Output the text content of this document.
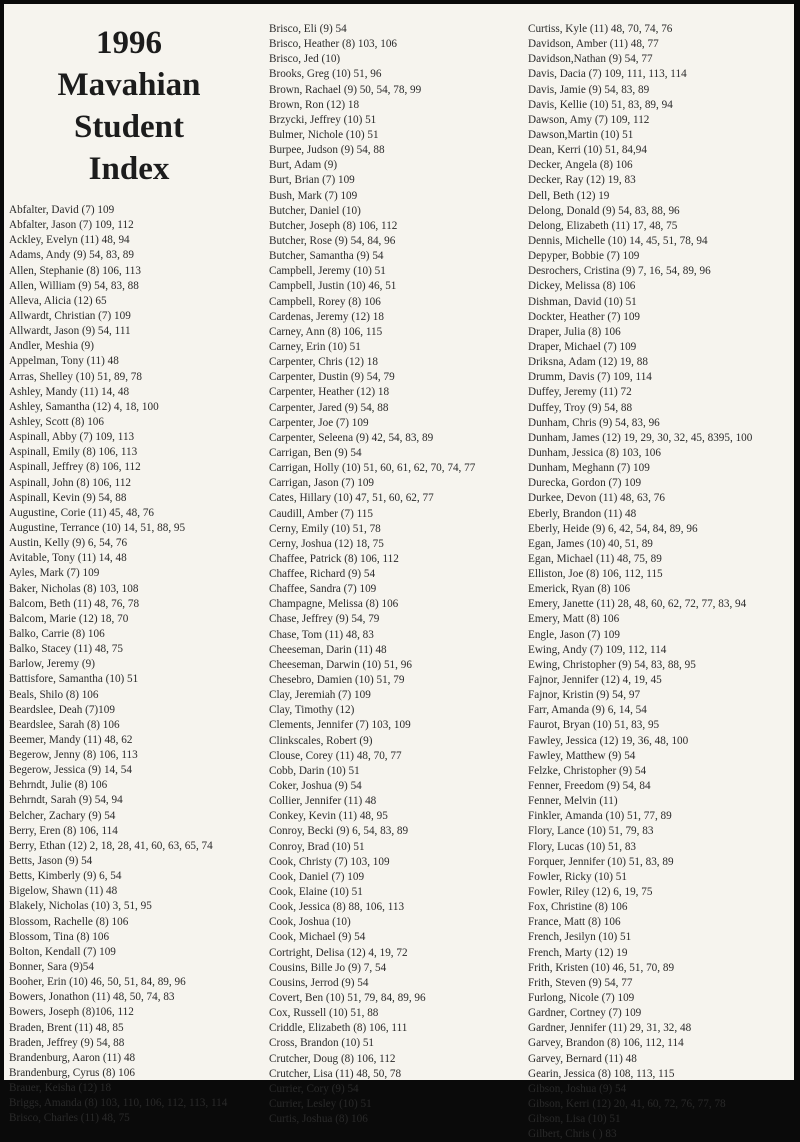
1996
Mavahian
Student
Index
Abfalter, David (7) 109
Abfalter, Jason (7) 109, 112
Ackley, Evelyn (11) 48, 94
Adams, Andy (9) 54, 83, 89
Allen, Stephanie (8) 106, 113
Allen, William (9) 54, 83, 88
Alleva, Alicia (12) 65
Allwardt, Christian (7) 109
Allwardt, Jason (9) 54, 111
Andler, Meshia (9)
Appelman, Tony (11) 48
Arras, Shelley (10) 51, 89, 78
Ashley, Mandy (11) 14, 48
Ashley, Samantha (12) 4, 18, 100
Ashley, Scott (8) 106
Aspinall, Abby (7) 109, 113
Aspinall, Emily (8) 106, 113
Aspinall, Jeffrey (8) 106, 112
Aspinall, John (8) 106, 112
Aspinall, Kevin (9) 54, 88
Augustine, Corie (11) 45, 48, 76
Augustine, Terrance (10) 14, 51, 88, 95
Austin, Kelly (9) 6, 54, 76
Avitable, Tony (11) 14, 48
Ayles, Mark (7) 109
Baker, Nicholas (8) 103, 108
Balcom, Beth (11) 48, 76, 78
Balcom, Marie (12) 18, 70
Balko, Carrie (8) 106
Balko, Stacey (11) 48, 75
Barlow, Jeremy (9)
Battisfore, Samantha (10) 51
Beals, Shilo (8) 106
Beardslee, Deah (7)109
Beardslee, Sarah (8) 106
Beemer, Mandy (11) 48, 62
Begerow, Jenny (8) 106, 113
Begerow, Jessica (9) 14, 54
Behrndt, Julie (8) 106
Behrndt, Sarah (9) 54, 94
Belcher, Zachary (9) 54
Berry, Eren (8) 106, 114
Berry, Ethan (12) 2, 18, 28, 41, 60, 63, 65, 74
Betts, Jason (9) 54
Betts, Kimberly (9) 6, 54
Bigelow, Shawn (11) 48
Blakely, Nicholas (10) 3, 51, 95
Blossom, Rachelle (8) 106
Blossom, Tina (8) 106
Bolton, Kendall (7) 109
Bonner, Sara (9)54
Booher, Erin (10) 46, 50, 51, 84, 89, 96
Bowers, Jonathon (11) 48, 50, 74, 83
Bowers, Joseph (8)106, 112
Braden, Brent (11) 48, 85
Braden, Jeffrey (9) 54, 88
Brandenburg, Aaron (11) 48
Brandenburg, Cyrus (8) 106
Brauer, Keisha (12) 18
Briggs, Amanda (8) 103, 110, 106, 112, 113, 114
Brisco, Charles (11) 48, 75
Brisco, Eli (9) 54
Brisco, Heather (8) 103, 106
Brisco, Jed (10)
Brooks, Greg (10) 51, 96
Brown, Rachael (9) 50, 54, 78, 99
Brown, Ron (12) 18
Brzycki, Jeffrey (10) 51
Bulmer, Nichole (10) 51
Burpee, Judson (9) 54, 88
Burt, Adam (9)
Burt, Brian (7) 109
Bush, Mark (7) 109
Butcher, Daniel (10)
Butcher, Joseph (8) 106, 112
Butcher, Rose (9) 54, 84, 96
Butcher, Samantha (9) 54
Campbell, Jeremy (10) 51
Campbell, Justin (10) 46, 51
Campbell, Rorey (8) 106
Cardenas, Jeremy (12) 18
Carney, Ann (8) 106, 115
Carney, Erin (10) 51
Carpenter, Chris (12) 18
Carpenter, Dustin (9) 54, 79
Carpenter, Heather (12) 18
Carpenter, Jared (9) 54, 88
Carpenter, Joe (7) 109
Carpenter, Seleena (9) 42, 54, 83, 89
Carrigan, Ben (9) 54
Carrigan, Holly (10) 51, 60, 61, 62, 70, 74, 77
Carrigan, Jason (7) 109
Cates, Hillary (10) 47, 51, 60, 62, 77
Caudill, Amber (7) 115
Cerny, Emily (10) 51, 78
Cerny, Joshua (12) 18, 75
Chaffee, Patrick (8) 106, 112
Chaffee, Richard (9) 54
Chaffee, Sandra (7) 109
Champagne, Melissa (8) 106
Chase, Jeffrey (9) 54, 79
Chase, Tom (11) 48, 83
Cheeseman, Darin (11) 48
Cheeseman, Darwin (10) 51, 96
Chesebro, Damien (10) 51, 79
Clay, Jeremiah (7) 109
Clay, Timothy (12)
Clements, Jennifer (7) 103, 109
Clinkscales, Robert (9)
Clouse, Corey (11) 48, 70, 77
Cobb, Darin (10) 51
Coker, Joshua (9) 54
Collier, Jennifer (11) 48
Conkey, Kevin (11) 48, 95
Conroy, Becki (9) 6, 54, 83, 89
Conroy, Brad (10) 51
Cook, Christy (7) 103, 109
Cook, Daniel (7) 109
Cook, Elaine (10) 51
Cook, Jessica (8) 88, 106, 113
Cook, Joshua (10)
Cook, Michael (9) 54
Cortright, Delisa (12) 4, 19, 72
Cousins, Bille Jo (9) 7, 54
Cousins, Jerrod (9) 54
Covert, Ben (10) 51, 79, 84, 89, 96
Cox, Russell (10) 51, 88
Criddle, Elizabeth (8) 106, 111
Cross, Brandon (10) 51
Crutcher, Doug (8) 106, 112
Crutcher, Lisa (11) 48, 50, 78
Currier, Cory (9) 54
Currier, Lesley (10) 51
Curtis, Joshua (8) 106
Curtiss, Kyle (11) 48, 70, 74, 76
Davidson, Amber (11) 48, 77
Davidson,Nathan (9) 54, 77
Davis, Dacia (7) 109, 111, 113, 114
Davis, Jamie (9) 54, 83, 89
Davis, Kellie (10) 51, 83, 89, 94
Dawson, Amy (7) 109, 112
Dawson,Martin (10) 51
Dean, Kerri (10) 51, 84,94
Decker, Angela (8) 106
Decker, Ray (12) 19, 83
Dell, Beth (12) 19
Delong, Donald (9) 54, 83, 88, 96
Delong, Elizabeth (11) 17, 48, 75
Dennis, Michelle (10) 14, 45, 51, 78, 94
Depyper, Bobbie (7) 109
Desrochers, Cristina (9) 7, 16, 54, 89, 96
Dickey, Melissa (8) 106
Dishman, David (10) 51
Dockter, Heather (7) 109
Draper, Julia (8) 106
Draper, Michael (7) 109
Driksna, Adam (12) 19, 88
Drumm, Davis (7) 109, 114
Duffey, Jeremy (11) 72
Duffey, Troy (9) 54, 88
Dunham, Chris (9) 54, 83, 96
Dunham, James (12) 19, 29, 30, 32, 45, 8395, 100
Dunham, Jessica (8) 103, 106
Dunham, Meghann (7) 109
Durecka, Gordon (7) 109
Durkee, Devon (11) 48, 63, 76
Eberly, Brandon (11) 48
Eberly, Heide (9) 6, 42, 54, 84, 89, 96
Egan, James (10) 40, 51, 89
Egan, Michael (11) 48, 75, 89
Elliston, Joe (8) 106, 112, 115
Emerick, Ryan (8) 106
Emery, Janette (11) 28, 48, 60, 62, 72, 77, 83, 94
Emery, Matt (8) 106
Engle, Jason (7) 109
Ewing, Andy (7) 109, 112, 114
Ewing, Christopher (9) 54, 83, 88, 95
Fajnor, Jennifer (12) 4, 19, 45
Fajnor, Kristin (9) 54, 97
Farr, Amanda (9) 6, 14, 54
Faurot, Bryan (10) 51, 83, 95
Fawley, Jessica (12) 19, 36, 48, 100
Fawley, Matthew (9) 54
Felzke, Christopher (9) 54
Fenner, Freedom (9) 54, 84
Fenner, Melvin (11)
Finkler, Amanda (10) 51, 77, 89
Flory, Lance (10) 51, 79, 83
Flory, Lucas (10) 51, 83
Forquer, Jennifer (10) 51, 83, 89
Fowler, Ricky (10) 51
Fowler, Riley (12) 6, 19, 75
Fox, Christine (8) 106
France, Matt (8) 106
French, Jesilyn (10) 51
French, Marty (12) 19
Frith, Kristen (10) 46, 51, 70, 89
Frith, Steven (9) 54, 77
Furlong, Nicole (7) 109
Gardner, Cortney (7) 109
Gardner, Jennifer (11) 29, 31, 32, 48
Garvey, Brandon (8) 106, 112, 114
Garvey, Bernard (11) 48
Gearin, Jessica (8) 108, 113, 115
Gibson, Joshua (9) 54
Gibson, Kerri (12) 20, 41, 60, 72, 76, 77, 78
Gibson, Lisa (10) 51
Gilbert, Chris ( ) 83
